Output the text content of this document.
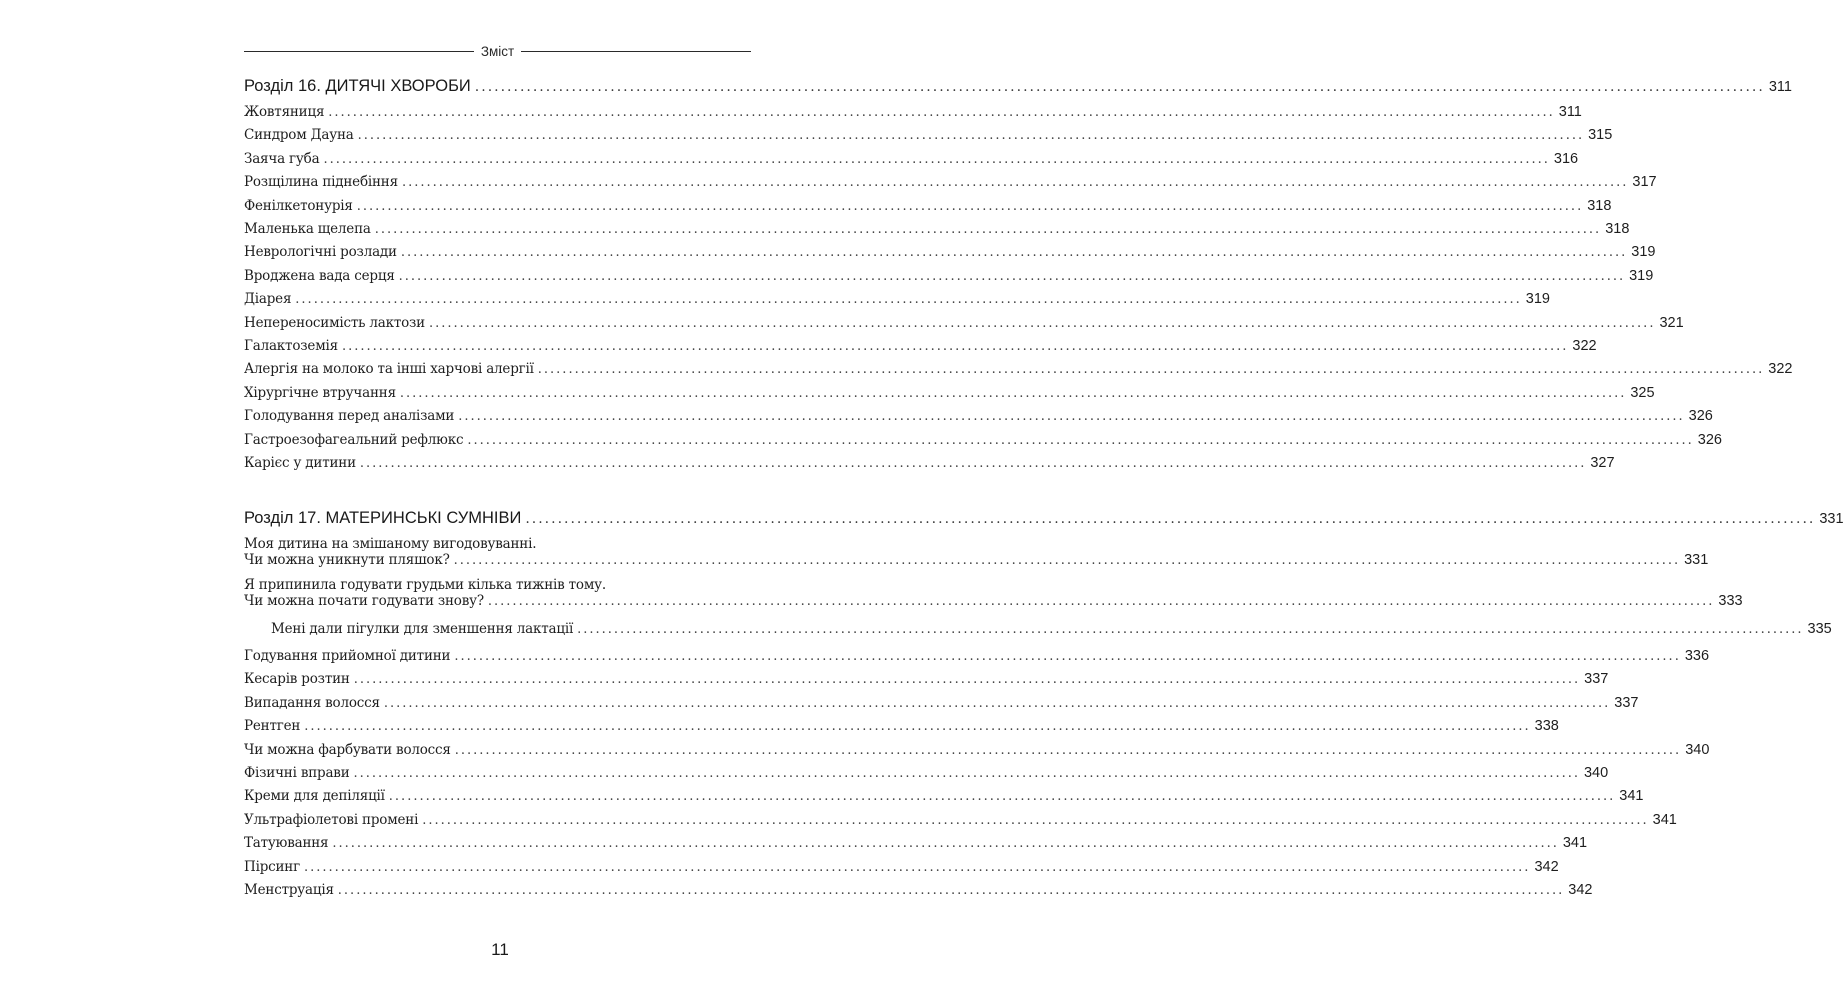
Зміст
Розділ 16. ДИТЯЧІ ХВОРОБИ ........................................................................................................................................................................................................ 311
Жовтяниця ........................................................................................................................................................................................................ 311
Синдром Дауна ........................................................................................................................................................................................................ 315
Заяча губа ........................................................................................................................................................................................................ 316
Розщілина піднебіння ........................................................................................................................................................................................................ 317
Фенілкетонурія ........................................................................................................................................................................................................ 318
Маленька щелепа ........................................................................................................................................................................................................ 318
Неврологічні розлади ........................................................................................................................................................................................................ 319
Вроджена вада серця ........................................................................................................................................................................................................ 319
Діарея ........................................................................................................................................................................................................ 319
Непереносимість лактози ........................................................................................................................................................................................................ 321
Галактоземія ........................................................................................................................................................................................................ 322
Алергія на молоко та інші харчові алергії ........................................................................................................................................................................................................ 322
Хірургічне втручання ........................................................................................................................................................................................................ 325
Голодування перед аналізами ........................................................................................................................................................................................................ 326
Гастроезофагеальний рефлюкс ........................................................................................................................................................................................................ 326
Карієс у дитини ........................................................................................................................................................................................................ 327
Розділ 17. МАТЕРИНСЬКІ СУМНІВИ ........................................................................................................................................................................................................ 331
Моя дитина на змішаному вигодовуванні.
Чи можна уникнути пляшок? ........................................................................................................................................................................................................ 331
Я припинила годувати грудьми кілька тижнів тому.
Чи можна почати годувати знову? ........................................................................................................................................................................................................ 333
Мені дали пігулки для зменшення лактації ........................................................................................................................................................................................................ 335
Годування прийомної дитини ........................................................................................................................................................................................................ 336
Кесарів розтин ........................................................................................................................................................................................................ 337
Випадання волосся ........................................................................................................................................................................................................ 337
Рентген ........................................................................................................................................................................................................ 338
Чи можна фарбувати волосся ........................................................................................................................................................................................................ 340
Фізичні вправи ........................................................................................................................................................................................................ 340
Креми для депіляції ........................................................................................................................................................................................................ 341
Ультрафіолетові промені ........................................................................................................................................................................................................ 341
Татуювання ........................................................................................................................................................................................................ 341
Пірсинг ........................................................................................................................................................................................................ 342
Менструація ........................................................................................................................................................................................................ 342
11
